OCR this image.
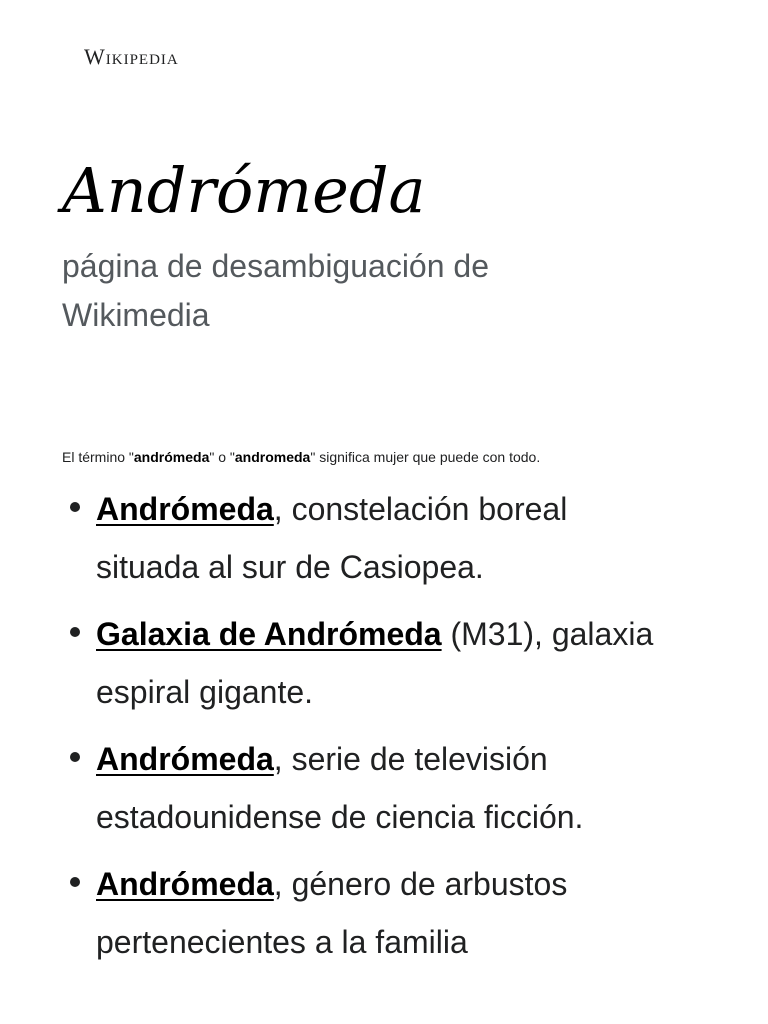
Wikipedia
Andrómeda
página de desambiguación de Wikimedia
El término "andrómeda" o "andromeda" significa mujer que puede con todo.
Andrómeda, constelación boreal situada al sur de Casiopea.
Galaxia de Andrómeda (M31), galaxia espiral gigante.
Andrómeda, serie de televisión estadounidense de ciencia ficción.
Andrómeda, género de arbustos pertenecientes a la familia
